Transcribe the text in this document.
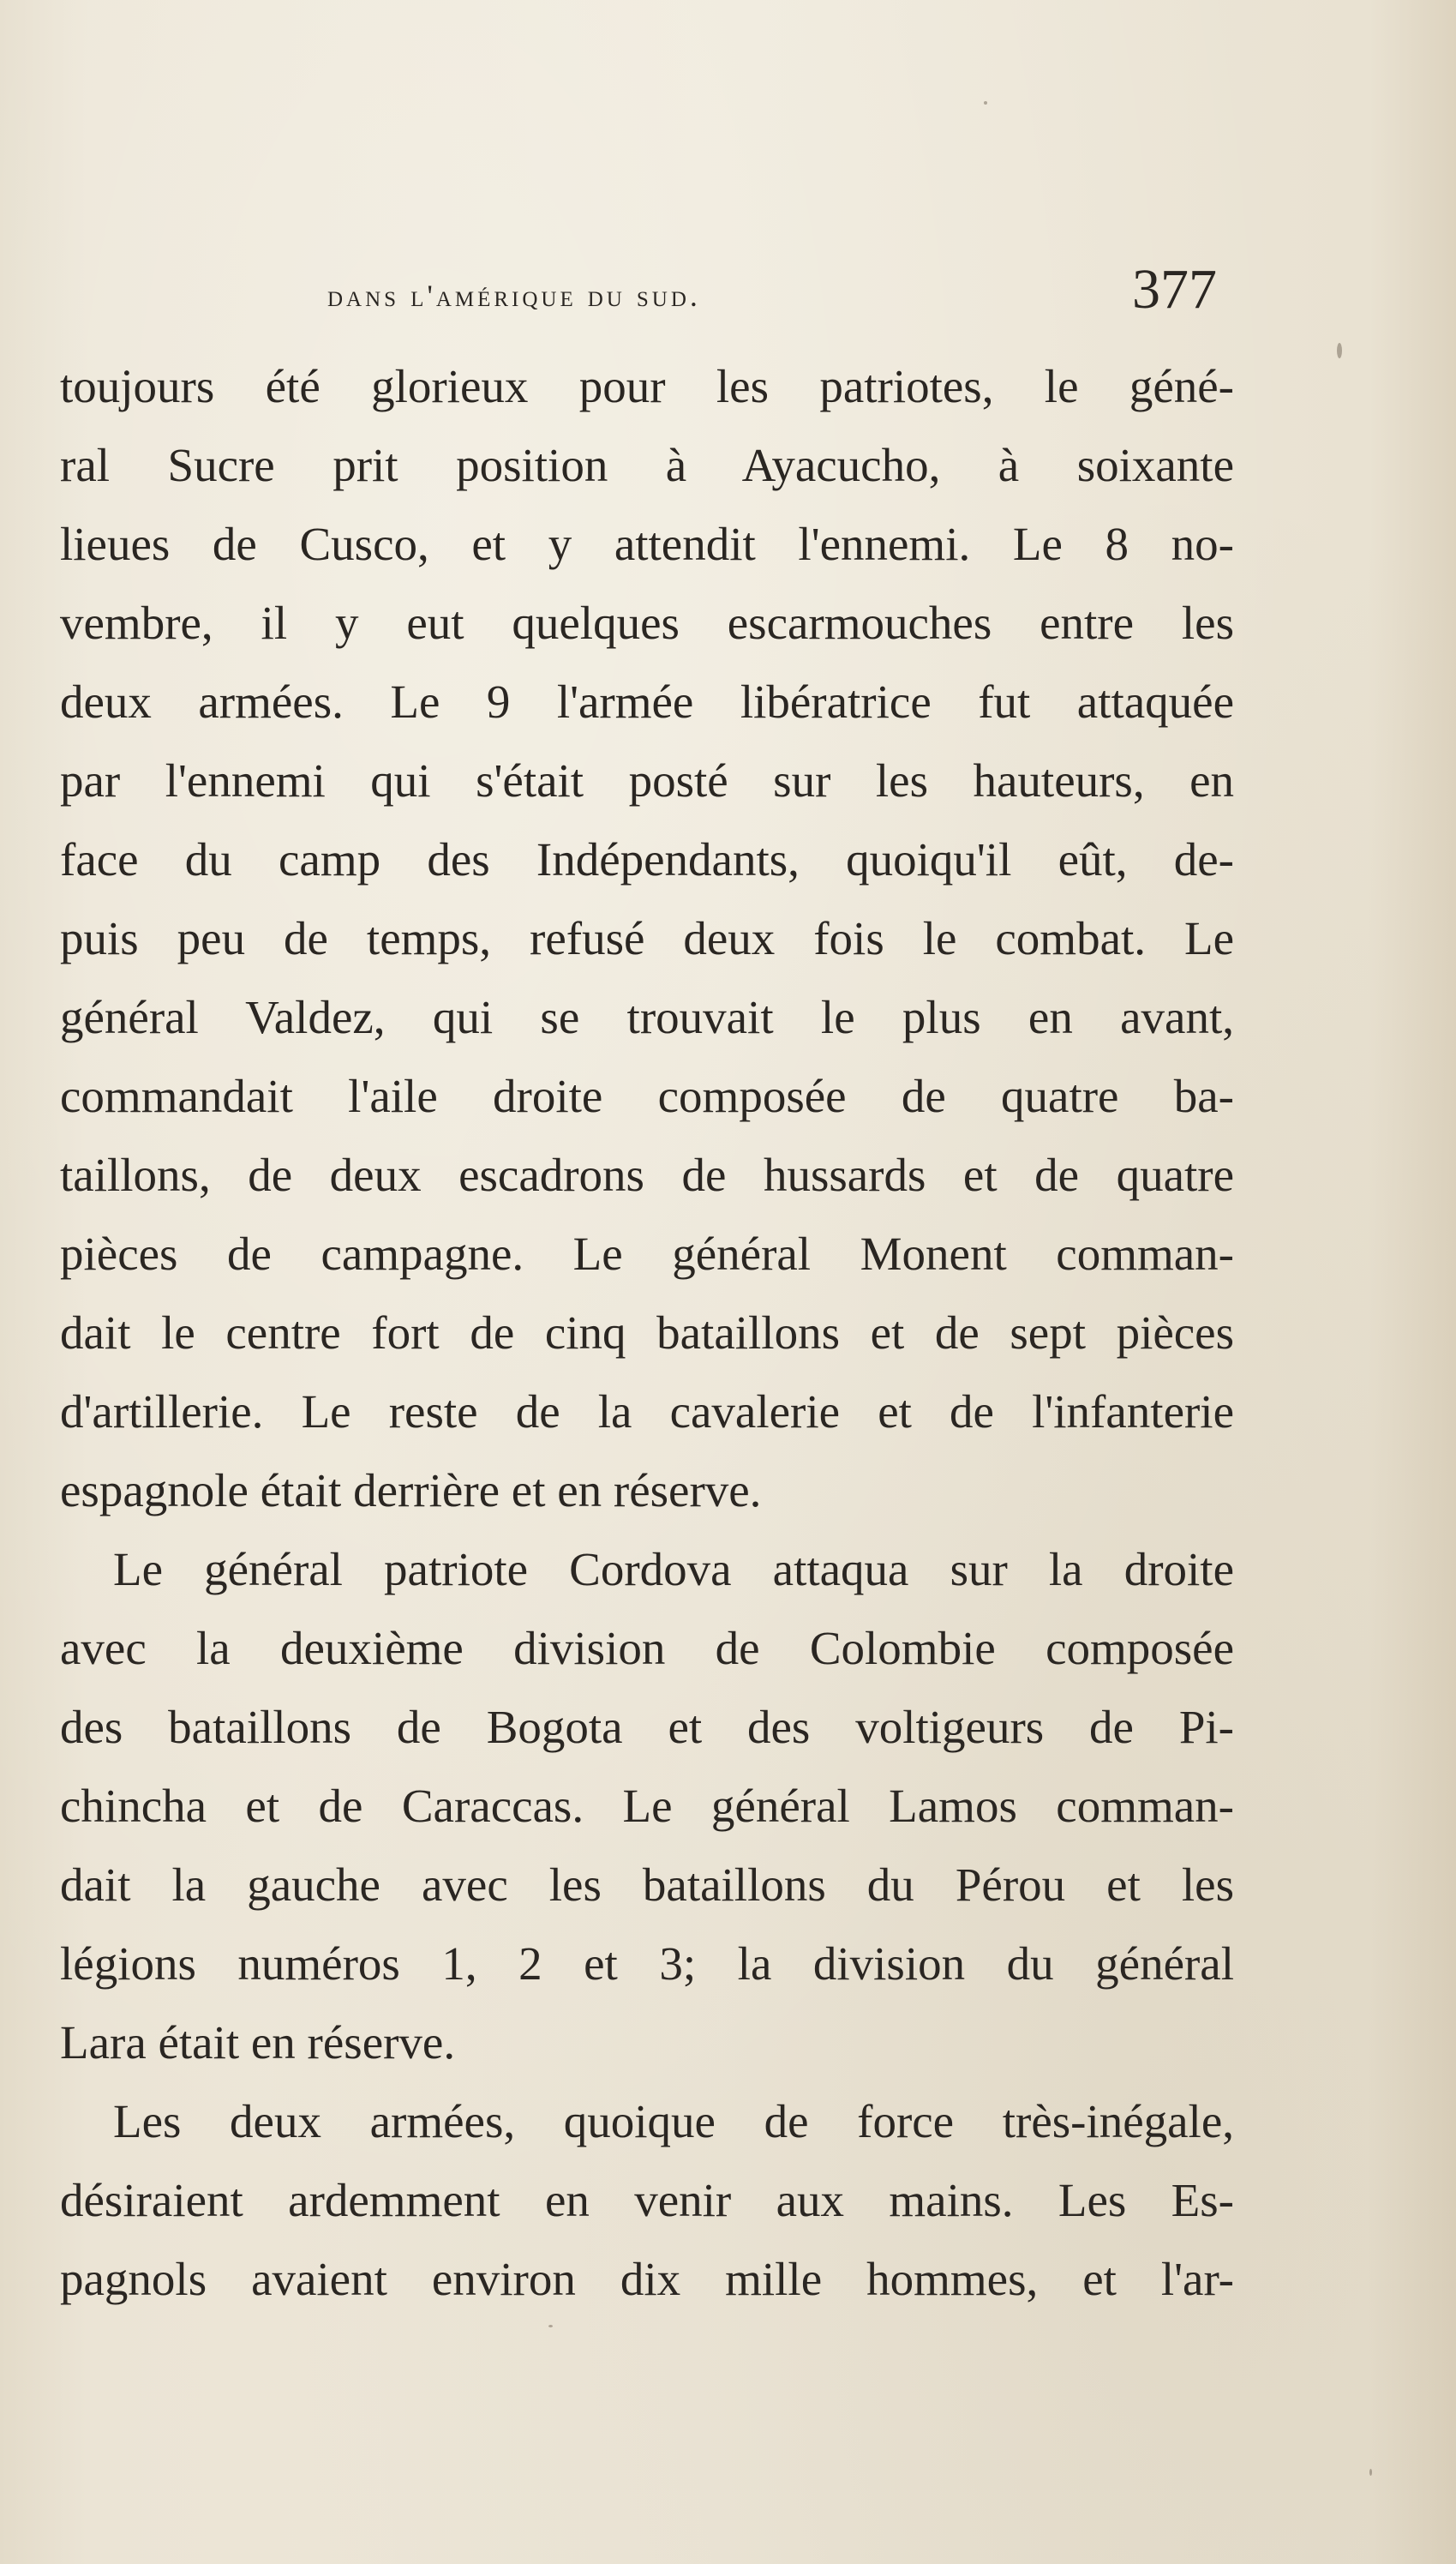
dans l'amérique du sud.	377
toujours été glorieux pour les patriotes, le géné-
ral Sucre prit position à Ayacucho, à soixante
lieues de Cusco, et y attendit l'ennemi. Le 8 no-
vembre, il y eut quelques escarmouches entre les
deux armées. Le 9 l'armée libératrice fut attaquée
par l'ennemi qui s'était posté sur les hauteurs, en
face du camp des Indépendants, quoiqu'il eût, de-
puis peu de temps, refusé deux fois le combat. Le
général Valdez, qui se trouvait le plus en avant,
commandait l'aile droite composée de quatre ba-
taillons, de deux escadrons de hussards et de quatre
pièces de campagne. Le général Monent comman-
dait le centre fort de cinq bataillons et de sept pièces
d'artillerie. Le reste de la cavalerie et de l'infanterie
espagnole était derrière et en réserve.
Le général patriote Cordova attaqua sur la droite
avec la deuxième division de Colombie composée
des bataillons de Bogota et des voltigeurs de Pi-
chincha et de Caraccas. Le général Lamos comman-
dait la gauche avec les bataillons du Pérou et les
légions numéros 1, 2 et 3; la division du général
Lara était en réserve.
Les deux armées, quoique de force très-inégale,
désiraient ardemment en venir aux mains. Les Es-
pagnols avaient environ dix mille hommes, et l'ar-
